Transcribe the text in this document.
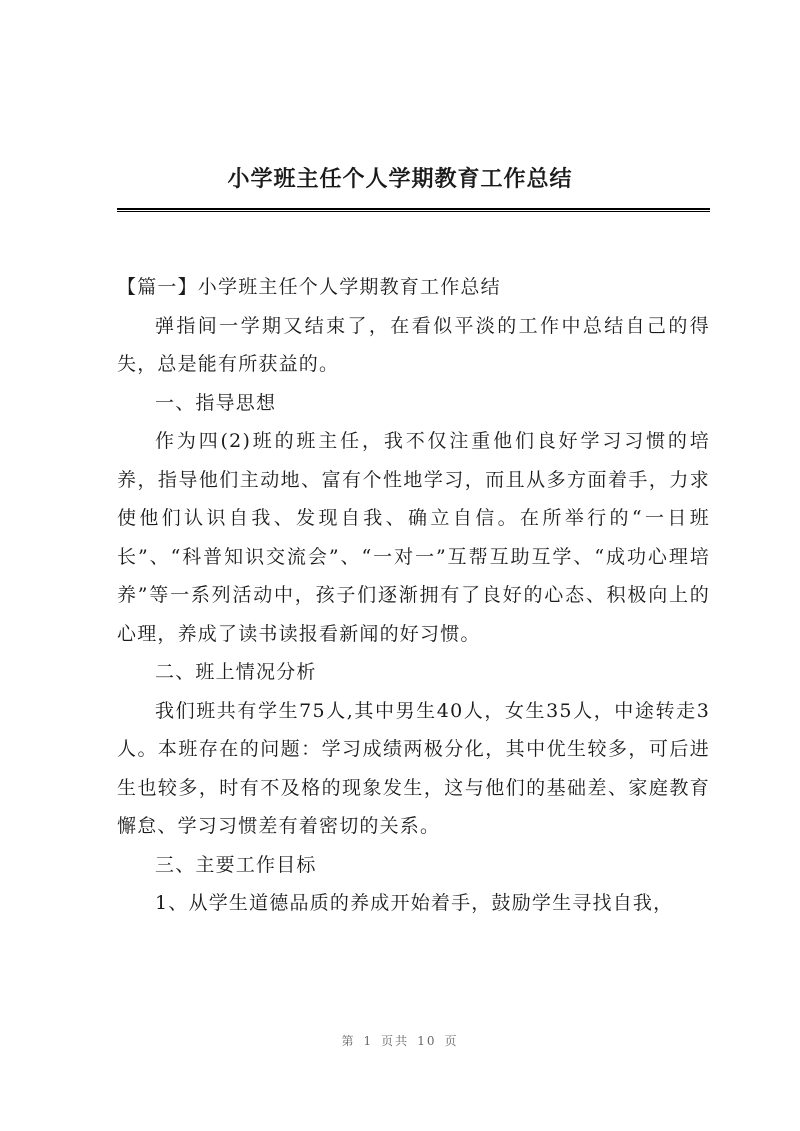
小学班主任个人学期教育工作总结

【篇一】小学班主任个人学期教育工作总结

弹指间一学期又结束了，在看似平淡的工作中总结自己的得失，总是能有所获益的。

一、指导思想

作为四(2)班的班主任，我不仅注重他们良好学习习惯的培养，指导他们主动地、富有个性地学习，而且从多方面着手，力求使他们认识自我、发现自我、确立自信。在所举行的“一日班长”、“科普知识交流会”、“一对一”互帮互助互学、“成功心理培养”等一系列活动中，孩子们逐渐拥有了良好的心态、积极向上的心理，养成了读书读报看新闻的好习惯。

二、班上情况分析

我们班共有学生75人,其中男生40人，女生35人，中途转走3人。本班存在的问题：学习成绩两极分化，其中优生较多，可后进生也较多，时有不及格的现象发生，这与他们的基础差、家庭教育懈怠、学习习惯差有着密切的关系。

三、主要工作目标

1、从学生道德品质的养成开始着手，鼓励学生寻找自我，

第 1 页共 10 页
